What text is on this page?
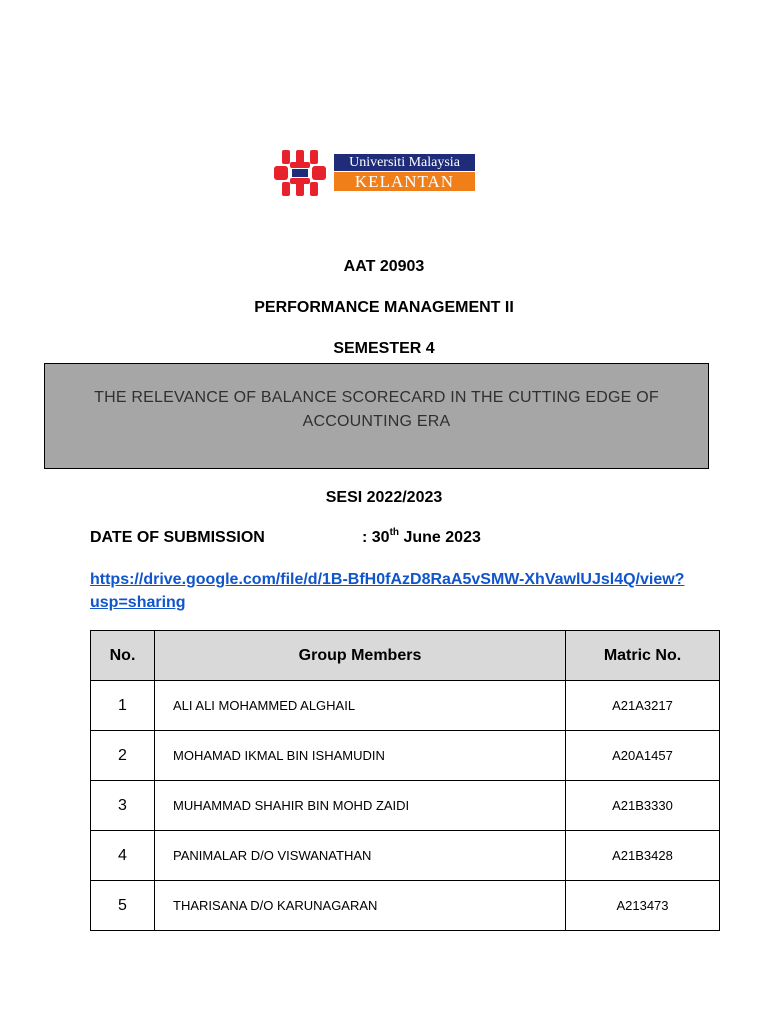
Universiti Malaysia
KELANTAN
AAT 20903
PERFORMANCE MANAGEMENT II
SEMESTER 4
THE RELEVANCE OF BALANCE SCORECARD IN THE CUTTING EDGE OF ACCOUNTING ERA
SESI 2022/2023
DATE OF SUBMISSION	: 30th June 2023
https://drive.google.com/file/d/1B-BfH0fAzD8RaA5vSMW-XhVawlUJsl4Q/view?usp=sharing
No.	Group Members	Matric No.
1	ALI ALI MOHAMMED ALGHAIL	A21A3217
2	MOHAMAD IKMAL BIN ISHAMUDIN	A20A1457
3	MUHAMMAD SHAHIR BIN MOHD ZAIDI	A21B3330
4	PANIMALAR D/O VISWANATHAN	A21B3428
5	THARISANA D/O KARUNAGARAN	A213473
